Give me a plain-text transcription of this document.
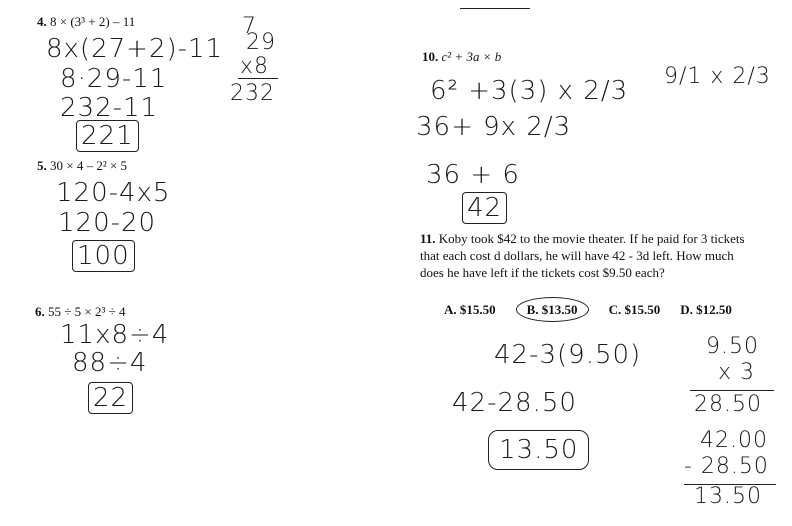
4. 8 × (3³ + 2) – 11
8x(27+2)-11
8·29-11
232-11
221
7
29
x8
232
5. 30 × 4 – 2² × 5
120-4x5
120-20
100
6. 55 ÷ 5 × 2³ ÷ 4
11x8÷4
88÷4
22
10. c² + 3a × b
6² +3(3) x 2/3
36+ 9x 2/3
36 + 6
42
9/1 x 2/3
11. Koby took $42 to the movie theater. If he paid for 3 tickets that each cost d dollars, he will have 42 - 3d left. How much does he have left if the tickets cost $9.50 each?
A. $15.50 B. $13.50 C. $15.50 D. $12.50
42-3(9.50)
42-28.50
13.50
9.50
x 3
28.50
42.00
- 28.50
13.50
